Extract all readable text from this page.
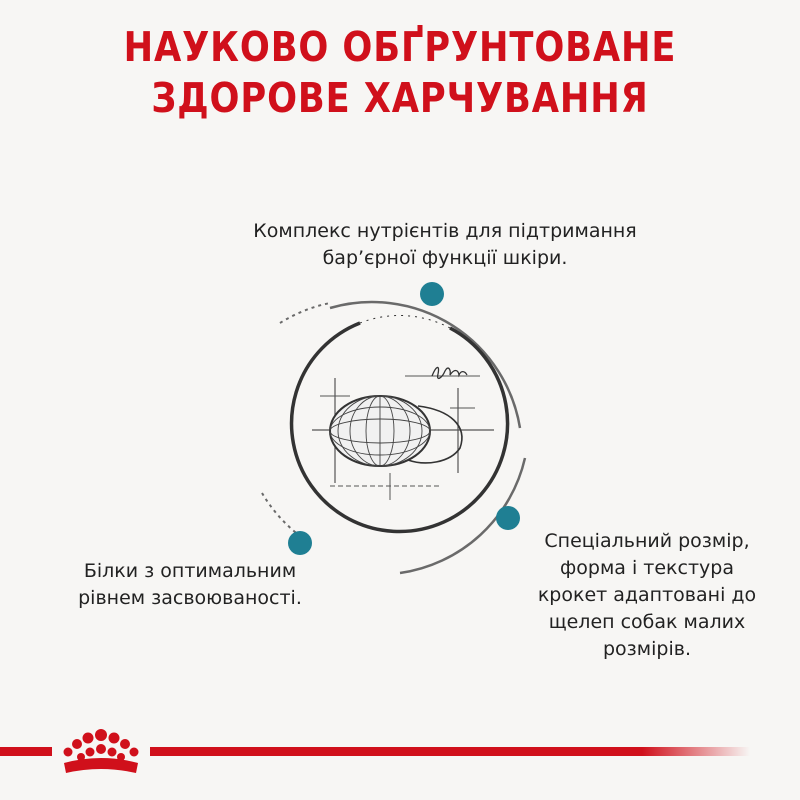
НАУКОВО ОБҐРУНТОВАНЕ
ЗДОРОВЕ ХАРЧУВАННЯ
Комплекс нутрієнтів для підтримання
бар’єрної функції шкіри.
Білки з оптимальним
рівнем засвоюваності.
Спеціальний розмір,
форма і текстура
крокет адаптовані до
щелеп собак малих
розмірів.
